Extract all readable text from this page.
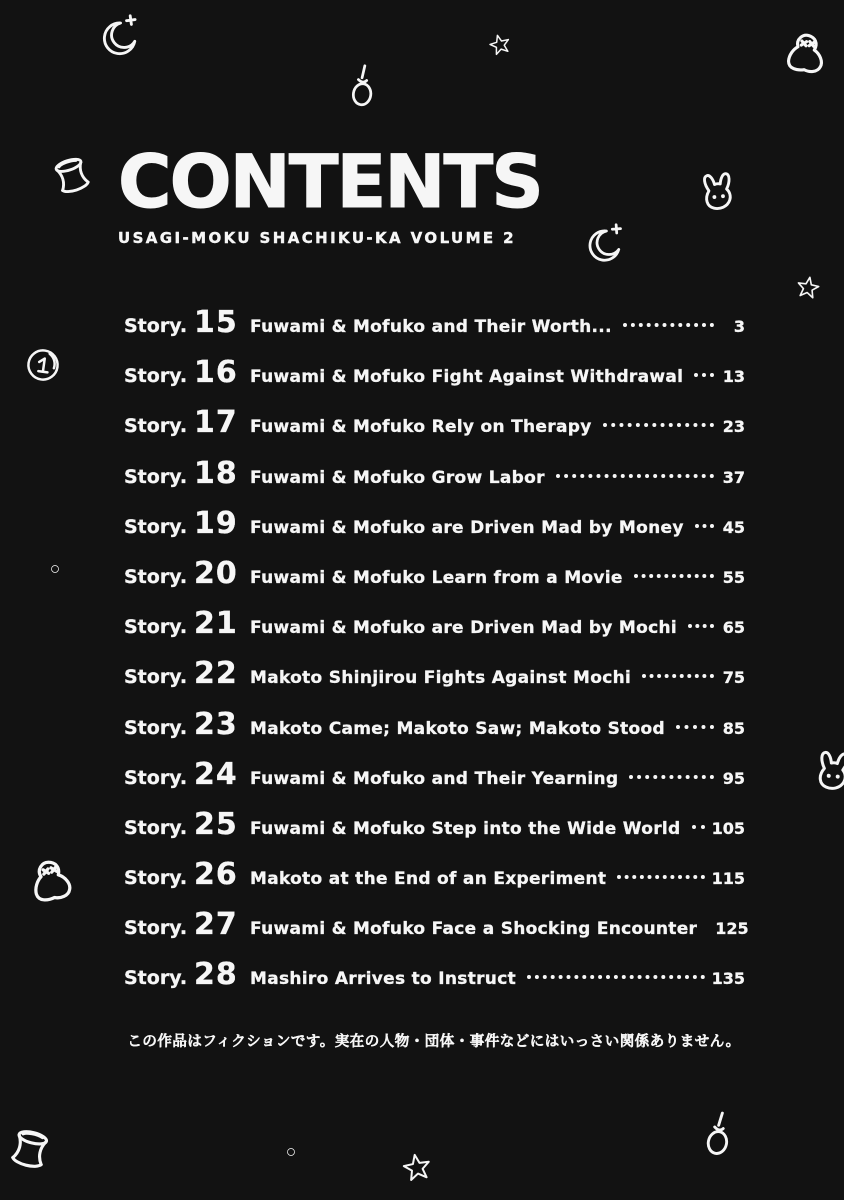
CONTENTS
USAGI-MOKU SHACHIKU-KA VOLUME 2
Story. 15 Fuwami & Mofuko and Their Worth...	3
Story. 16 Fuwami & Mofuko Fight Against Withdrawal 13
Story. 17 Fuwami & Mofuko Rely on Therapy	23
Story. 18 Fuwami & Mofuko Grow Labor	37
Story. 19 Fuwami & Mofuko are Driven Mad by Money 45
Story. 20 Fuwami & Mofuko Learn from a Movie	55
Story. 21 Fuwami & Mofuko are Driven Mad by Mochi	65
Story. 22 Makoto Shinjirou Fights Against Mochi	75
Story. 23 Makoto Came; Makoto Saw; Makoto Stood	85
Story. 24 Fuwami & Mofuko and Their Yearning	95
Story. 25 Fuwami & Mofuko Step into the Wide World 105
Story. 26 Makoto at the End of an Experiment	115
Story. 27 Fuwami & Mofuko Face a Shocking Encounter 125
Story. 28 Mashiro Arrives to Instruct	135
この作品はフィクションです。実在の人物・団体・事件などにはいっさい関係ありません。
